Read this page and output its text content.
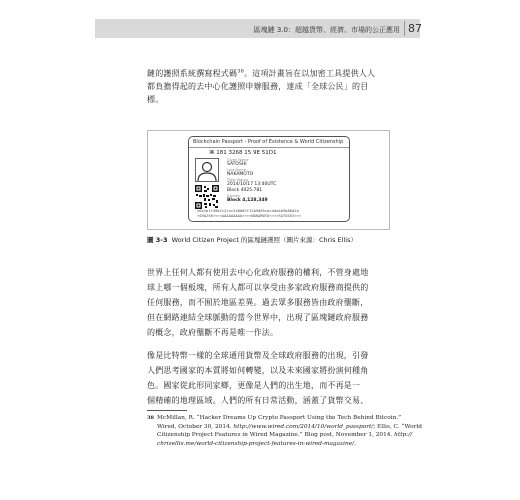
區塊鏈 3.0：超越貨幣、經濟、市場的公正應用 87
鏈的護照系統撰寫程式碼$^{38}$。這項計畫旨在以加密工具提供人人
都負擔得起的去中心化護照申辦服務，達成「全球公民」的目
標。
Blockchain Passport - Proof of Existence & World Citizenship
⌘ 181 3268 15 9E 51D1
Given Name
SATOSHI
Last Name
NAKAMOTO
Time Stamp
2014/10/17 13:40UTC
Block 4025.781
Expires
Block 4,128,349
xOx1b1f49b7c2cxc2x6b87f12b9d85cac4da4b5b88d2a
<SHA256<<<<AAAAAAAAA<<<<NAKAMOTO<<<<SATOSHI<<<
圖 3-3 World Citizen Project 的區塊鏈護照（圖片來源：Chris Ellis）
世界上任何人都有使用去中心化政府服務的權利，不管身處地
球上哪一個板塊，所有人都可以享受由多家政府服務商提供的
任何服務，而不囿於地區差異。過去眾多服務皆由政府壟斷，
但在網路連結全球脈動的當今世界中，出現了區塊鏈政府服務
的概念，政府壟斷不再是唯一作法。
像是比特幣一樣的全球通用貨幣及全球政府服務的出現，引發
人們思考國家的本質將如何轉變，以及未來國家將扮演何種角
色。國家從此形同家鄉，更像是人們的出生地，而不再是一
個精確的地理區域。人們的所有日常活動，涵蓋了貨幣交易、
38 McMillan, R. “Hacker Dreams Up Crypto Passport Using the Tech Behind Bitcoin.”
Wired, October 30, 2014. http://www.wired.com/2014/10/world_passport/; Ellis, C. “World
Citizenship Project Features in Wired Magazine.” Blog post, November 1, 2014. http://
chrisellis.me/world-citizenship-project-features-in-wired-magazine/.
